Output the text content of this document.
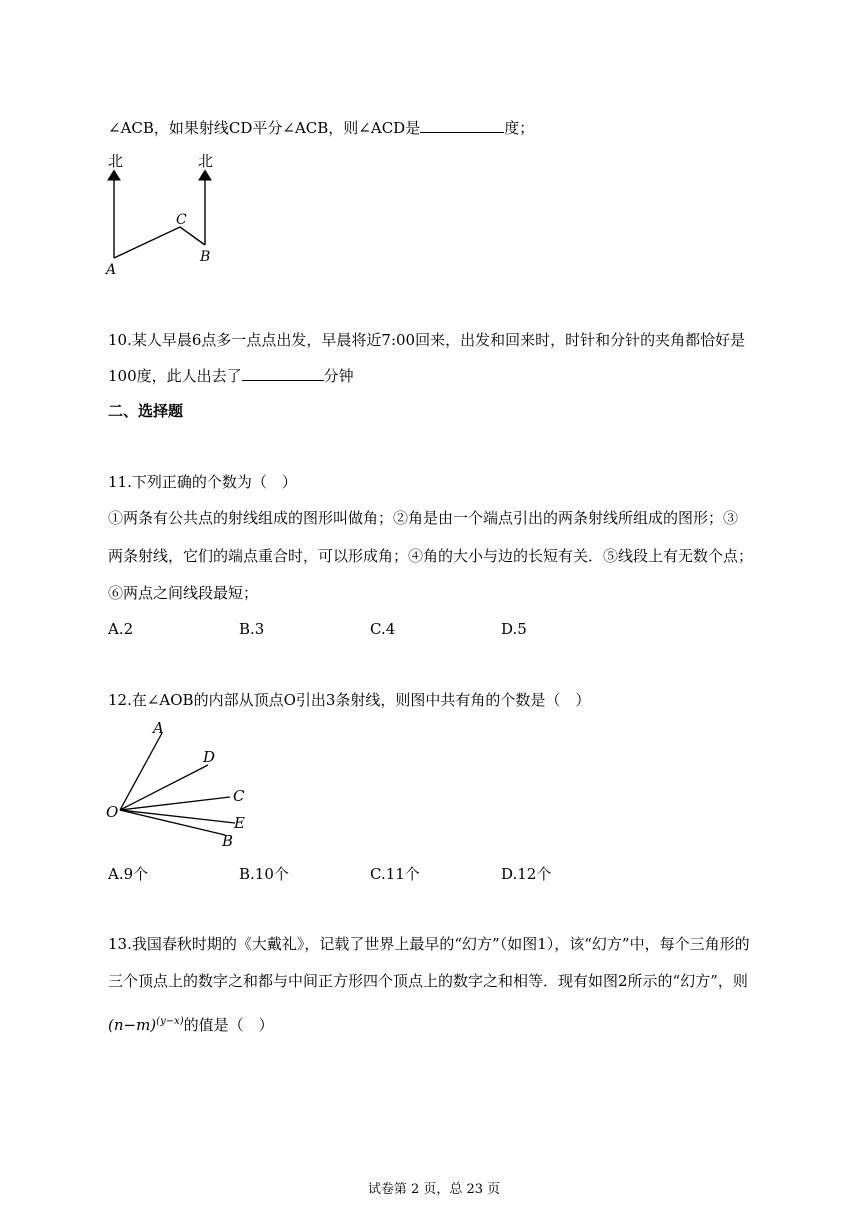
∠ACB，如果射线CD平分∠ACB，则∠ACD是	度；
北	北
A
C
B
10.某人早晨6点多一点点出发，早晨将近7:00回来，出发和回来时，时针和分针的夹角都恰好是
100度，此人出去了	分钟
二、选择题
11.下列正确的个数为（　）
①两条有公共点的射线组成的图形叫做角；②角是由一个端点引出的两条射线所组成的图形；③
两条射线，它们的端点重合时，可以形成角；④角的大小与边的长短有关．⑤线段上有无数个点；
⑥两点之间线段最短；
A.2	B.3	C.4	D.5
12.在∠AOB的内部从顶点O引出3条射线，则图中共有角的个数是（　）
O
A
D
C
E
B
A.9个	B.10个	C.11个	D.12个
13.我国春秋时期的《大戴礼》，记载了世界上最早的“幻方”（如图1），该“幻方”中，每个三角形的
三个顶点上的数字之和都与中间正方形四个顶点上的数字之和相等．现有如图2所示的“幻方”，则
$(n-m)^{(y-x)}$的值是（　）
试卷第 2 页，总 23 页
